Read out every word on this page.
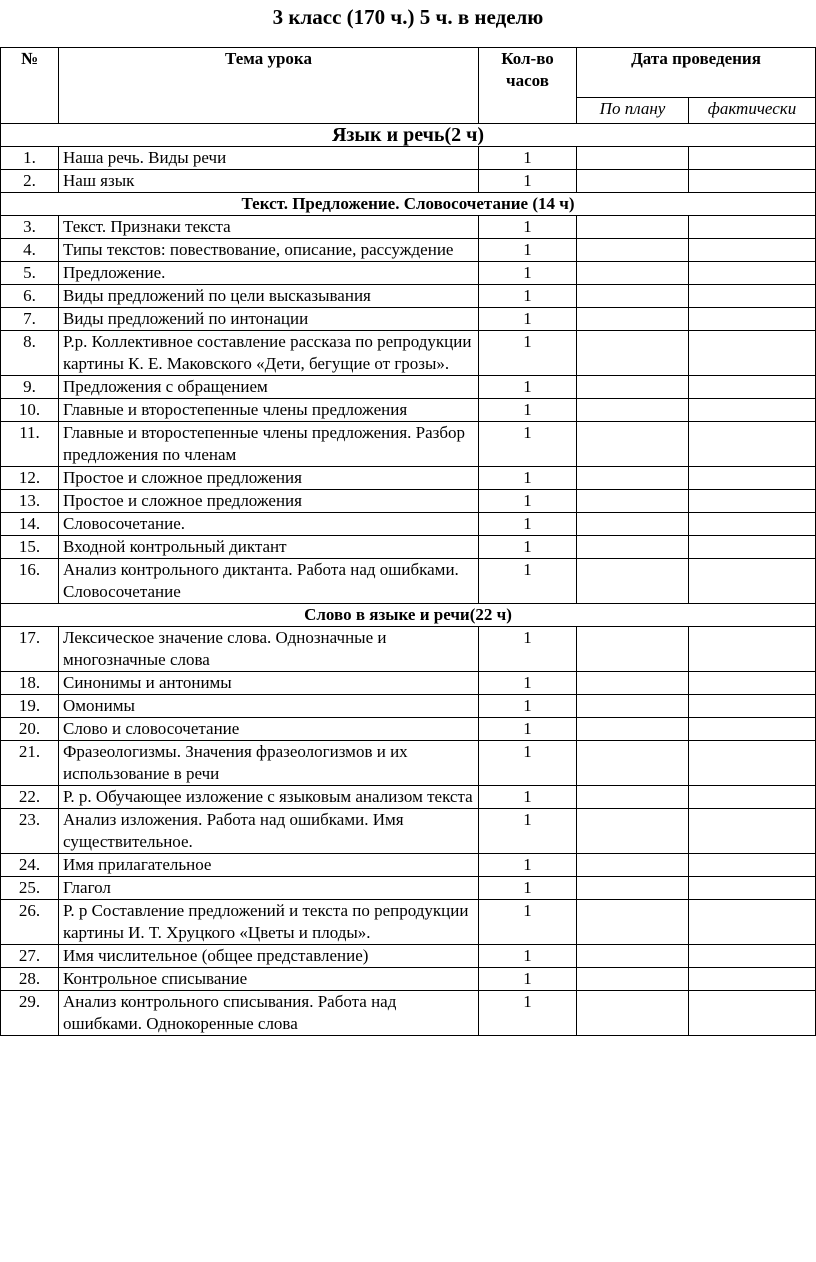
3 класс (170 ч.) 5 ч. в неделю
№	Тема урока	Кол-во часов	Дата проведения	
			По плану	фактически
Язык и речь(2 ч)				
1.	Наша речь. Виды речи	1		
2.	Наш язык	1		
Текст. Предложение. Словосочетание (14 ч)				
3.	Текст. Признаки текста	1		
4.	Типы текстов: повествование, описание, рассуждение	1		
5.	Предложение.	1		
6.	Виды предложений по цели высказывания	1		
7.	Виды предложений по интонации	1		
8.	Р.р. Коллективное составление рассказа по репродукции картины К. Е. Маковского «Дети, бегущие от грозы».	1		
9.	Предложения с обращением	1		
10.	Главные и второстепенные члены предложения	1		
11.	Главные и второстепенные члены предложения. Разбор предложения по членам	1		
12.	Простое и сложное предложения	1		
13.	Простое и сложное предложения	1		
14.	Словосочетание.	1		
15.	Входной контрольный диктант	1		
16.	Анализ контрольного диктанта. Работа над ошибками. Словосочетание	1		
Слово в языке и речи(22 ч)				
17.	Лексическое значение слова. Однозначные и многозначные слова	1		
18.	Синонимы и антонимы	1		
19.	Омонимы	1		
20.	Слово и словосочетание	1		
21.	Фразеологизмы. Значения фразеологизмов и их использование в речи	1		
22.	Р. р. Обучающее изложение с языковым анализом текста	1		
23.	Анализ изложения. Работа над ошибками. Имя существительное.	1		
24.	Имя прилагательное	1		
25.	Глагол	1		
26.	Р. р Составление предложений и текста по репродукции картины И. Т. Хруцкого «Цветы и плоды».	1		
27.	Имя числительное (общее представление)	1		
28.	Контрольное списывание	1		
29.	Анализ контрольного списывания. Работа над ошибками. Однокоренные слова	1		
